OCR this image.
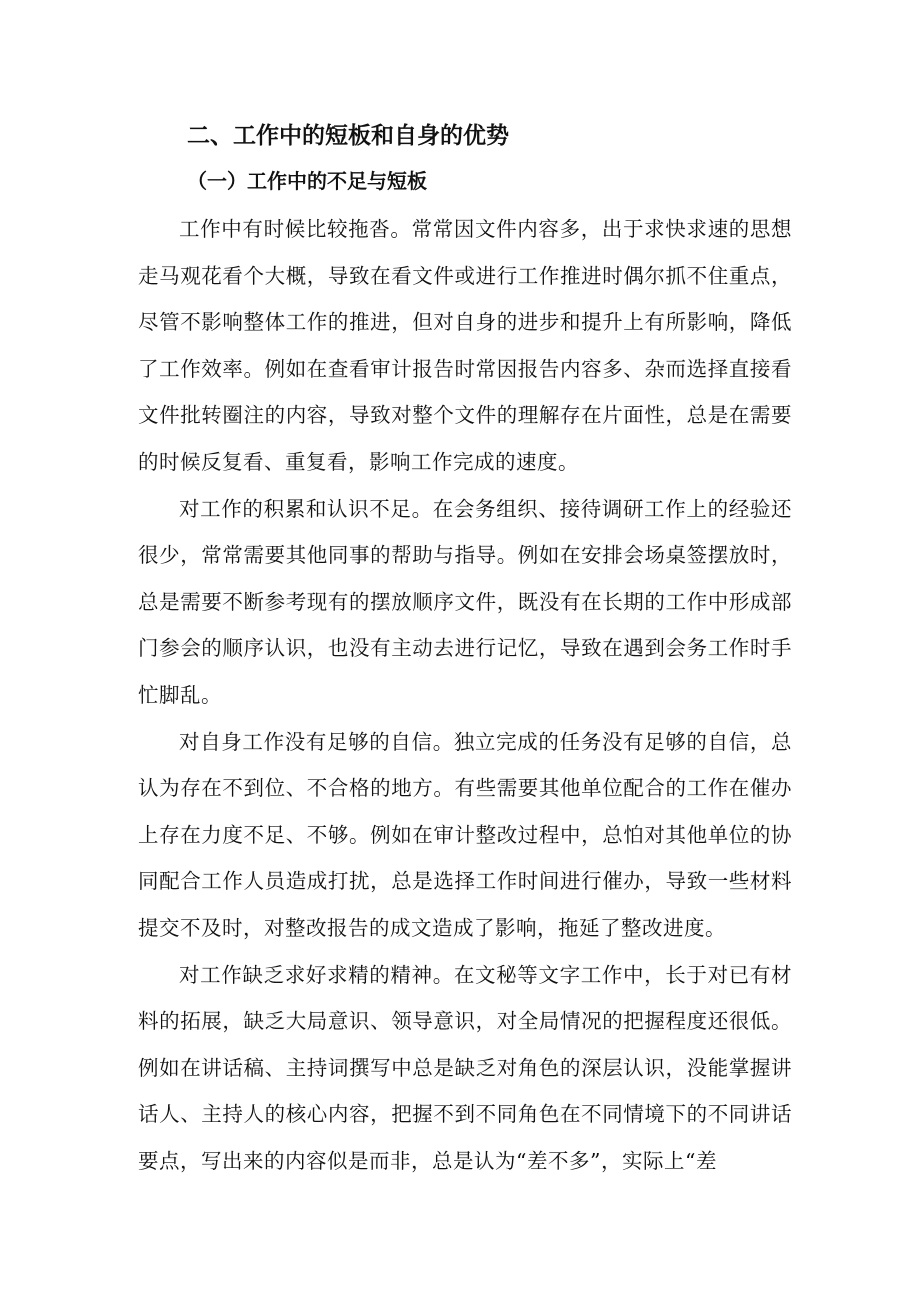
二、工作中的短板和自身的优势
（一）工作中的不足与短板

工作中有时候比较拖沓。常常因文件内容多，出于求快求速的思想走马观花看个大概，导致在看文件或进行工作推进时偶尔抓不住重点，尽管不影响整体工作的推进，但对自身的进步和提升上有所影响，降低了工作效率。例如在查看审计报告时常因报告内容多、杂而选择直接看文件批转圈注的内容，导致对整个文件的理解存在片面性，总是在需要的时候反复看、重复看，影响工作完成的速度。

对工作的积累和认识不足。在会务组织、接待调研工作上的经验还很少，常常需要其他同事的帮助与指导。例如在安排会场桌签摆放时，总是需要不断参考现有的摆放顺序文件，既没有在长期的工作中形成部门参会的顺序认识，也没有主动去进行记忆，导致在遇到会务工作时手忙脚乱。

对自身工作没有足够的自信。独立完成的任务没有足够的自信，总认为存在不到位、不合格的地方。有些需要其他单位配合的工作在催办上存在力度不足、不够。例如在审计整改过程中，总怕对其他单位的协同配合工作人员造成打扰，总是选择工作时间进行催办，导致一些材料提交不及时，对整改报告的成文造成了影响，拖延了整改进度。

对工作缺乏求好求精的精神。在文秘等文字工作中，长于对已有材料的拓展，缺乏大局意识、领导意识，对全局情况的把握程度还很低。例如在讲话稿、主持词撰写中总是缺乏对角色的深层认识，没能掌握讲话人、主持人的核心内容，把握不到不同角色在不同情境下的不同讲话要点，写出来的内容似是而非，总是认为“差不多”，实际上“差
